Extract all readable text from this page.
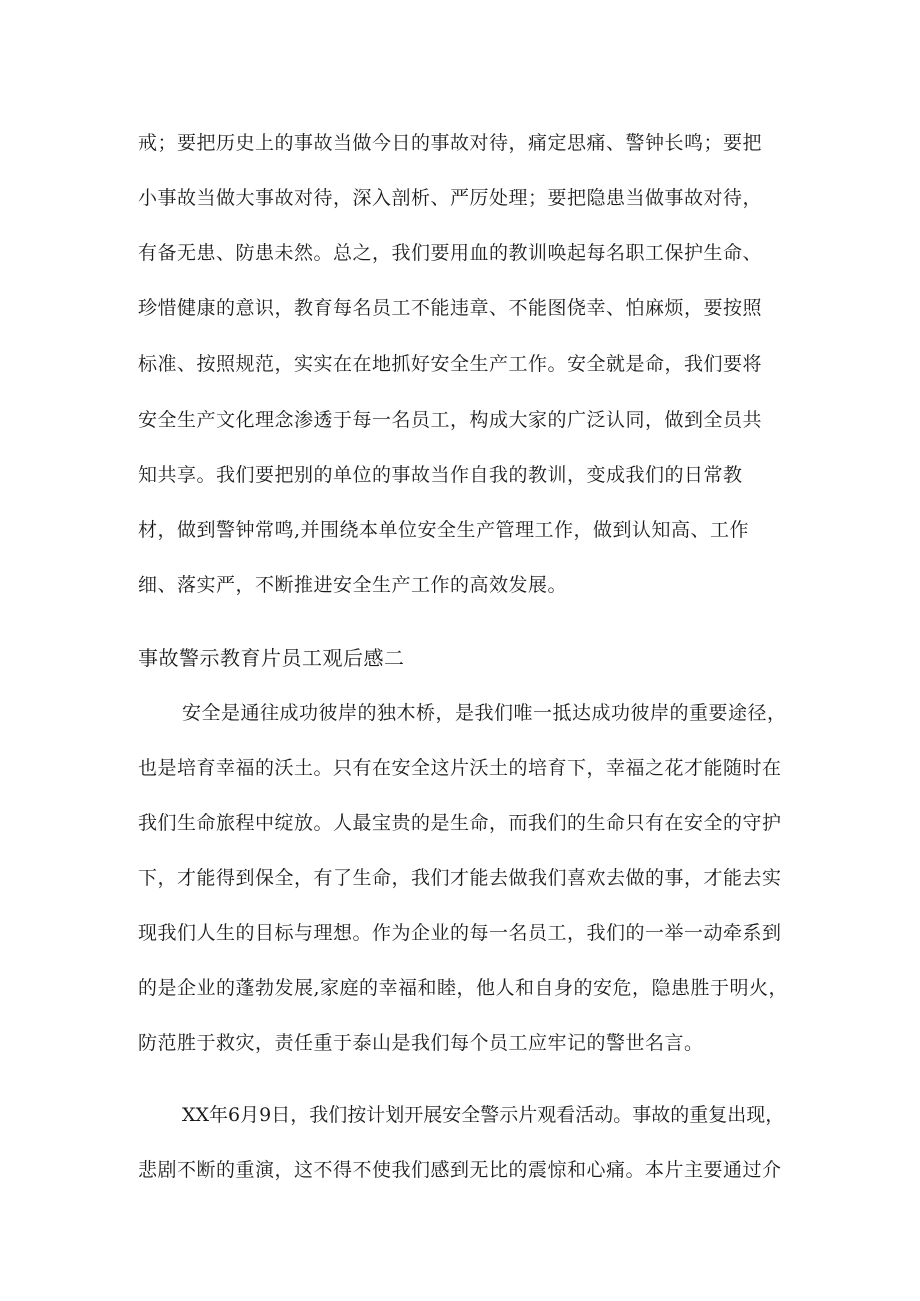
戒；要把历史上的事故当做今日的事故对待，痛定思痛、警钟长鸣；要把
小事故当做大事故对待，深入剖析、严厉处理；要把隐患当做事故对待，
有备无患、防患未然。总之，我们要用血的教训唤起每名职工保护生命、
珍惜健康的意识，教育每名员工不能违章、不能图侥幸、怕麻烦，要按照
标准、按照规范，实实在在地抓好安全生产工作。安全就是命，我们要将
安全生产文化理念渗透于每一名员工，构成大家的广泛认同，做到全员共
知共享。我们要把别的单位的事故当作自我的教训，变成我们的日常教
材，做到警钟常鸣,并围绕本单位安全生产管理工作，做到认知高、工作
细、落实严，不断推进安全生产工作的高效发展。
事故警示教育片员工观后感二
安全是通往成功彼岸的独木桥，是我们唯一抵达成功彼岸的重要途径，
也是培育幸福的沃土。只有在安全这片沃土的培育下，幸福之花才能随时在
我们生命旅程中绽放。人最宝贵的是生命，而我们的生命只有在安全的守护
下，才能得到保全，有了生命，我们才能去做我们喜欢去做的事，才能去实
现我们人生的目标与理想。作为企业的每一名员工，我们的一举一动牵系到
的是企业的蓬勃发展,家庭的幸福和睦，他人和自身的安危，隐患胜于明火，
防范胜于救灾，责任重于泰山是我们每个员工应牢记的警世名言。
XX年6月9日，我们按计划开展安全警示片观看活动。事故的重复出现，
悲剧不断的重演，这不得不使我们感到无比的震惊和心痛。本片主要通过介
